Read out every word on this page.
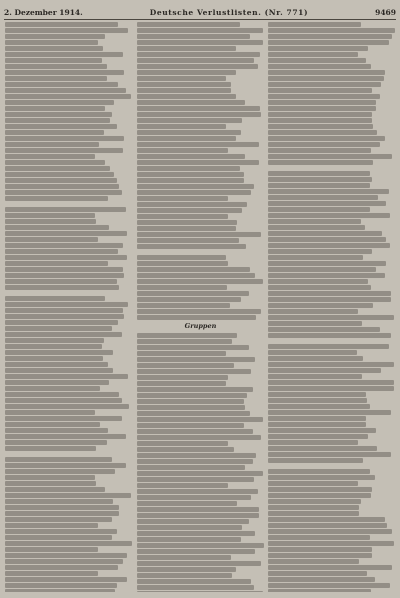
2. Dezember 1914.	Deutsche Verlustlisten. (Nr. 771)	9469
Gruppen
